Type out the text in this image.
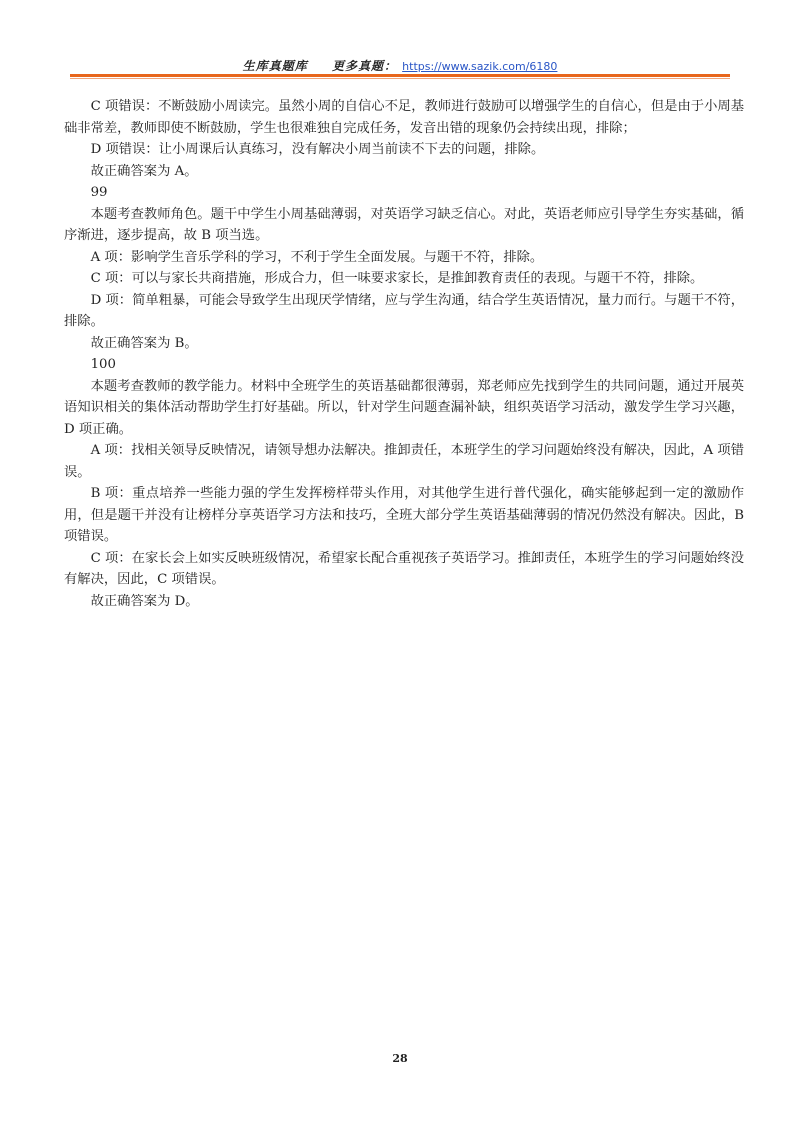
生库真题库 更多真题： https://www.sazik.com/6180

C 项错误：不断鼓励小周读完。虽然小周的自信心不足，教师进行鼓励可以增强学生的自信心，但是由于小周基础非常差，教师即使不断鼓励，学生也很难独自完成任务，发音出错的现象仍会持续出现，排除；

D 项错误：让小周课后认真练习，没有解决小周当前读不下去的问题，排除。

故正确答案为 A。

99

本题考查教师角色。题干中学生小周基础薄弱，对英语学习缺乏信心。对此，英语老师应引导学生夯实基础，循序渐进，逐步提高，故 B 项当选。

A 项：影响学生音乐学科的学习，不利于学生全面发展。与题干不符，排除。

C 项：可以与家长共商措施，形成合力，但一味要求家长，是推卸教育责任的表现。与题干不符，排除。

D 项：简单粗暴，可能会导致学生出现厌学情绪，应与学生沟通，结合学生英语情况，量力而行。与题干不符，排除。

故正确答案为 B。

100

本题考查教师的教学能力。材料中全班学生的英语基础都很薄弱，郑老师应先找到学生的共同问题，通过开展英语知识相关的集体活动帮助学生打好基础。所以，针对学生问题查漏补缺，组织英语学习活动，激发学生学习兴趣，D 项正确。

A 项：找相关领导反映情况，请领导想办法解决。推卸责任，本班学生的学习问题始终没有解决，因此，A 项错误。

B 项：重点培养一些能力强的学生发挥榜样带头作用，对其他学生进行普代强化，确实能够起到一定的激励作用，但是题干并没有让榜样分享英语学习方法和技巧，全班大部分学生英语基础薄弱的情况仍然没有解决。因此，B 项错误。

C 项：在家长会上如实反映班级情况，希望家长配合重视孩子英语学习。推卸责任，本班学生的学习问题始终没有解决，因此，C 项错误。

故正确答案为 D。

28
